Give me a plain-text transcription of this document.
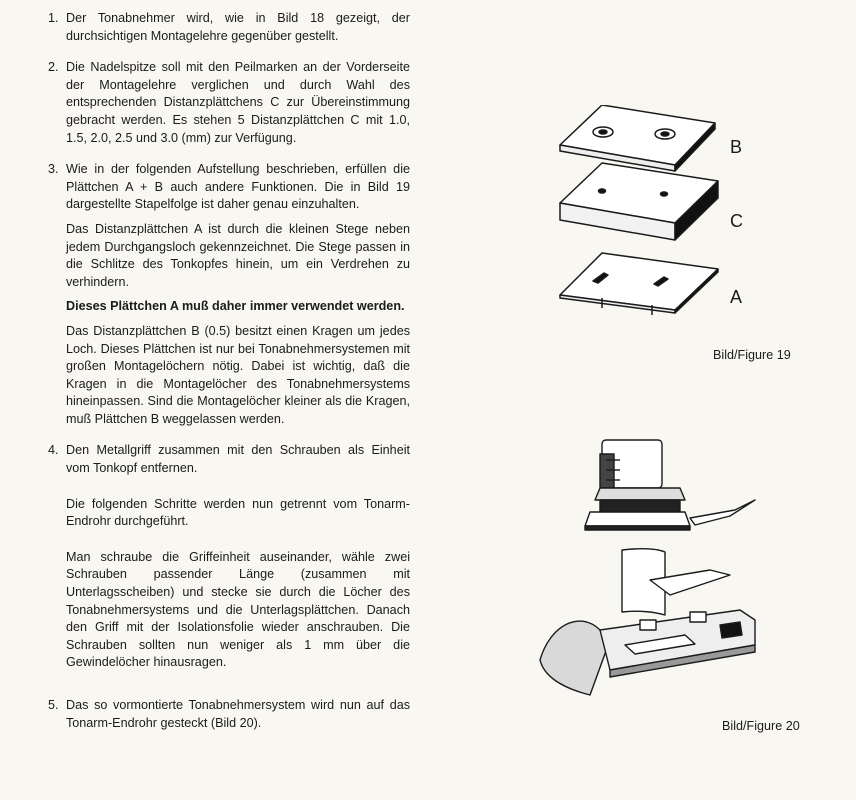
1. Der Tonabnehmer wird, wie in Bild 18 gezeigt, der durchsichtigen Montagelehre gegenüber gestellt.

2. Die Nadelspitze soll mit den Peilmarken an der Vorderseite der Montagelehre verglichen und durch Wahl des entsprechenden Distanzplättchens C zur Übereinstimmung gebracht werden. Es stehen 5 Distanzplättchen C mit 1.0, 1.5, 2.0, 2.5 und 3.0 (mm) zur Verfügung.

3. Wie in der folgenden Aufstellung beschrieben, erfüllen die Plättchen A + B auch andere Funktionen. Die in Bild 19 dargestellte Stapelfolge ist daher genau einzuhalten.

Das Distanzplättchen A ist durch die kleinen Stege neben jedem Durchgangsloch gekennzeichnet. Die Stege passen in die Schlitze des Tonkopfes hinein, um ein Verdrehen zu verhindern.

Dieses Plättchen A muß daher immer verwendet werden.

Das Distanzplättchen B (0.5) besitzt einen Kragen um jedes Loch. Dieses Plättchen ist nur bei Tonabnehmersystemen mit großen Montagelöchern nötig. Dabei ist wichtig, daß die Kragen in die Montagelöcher des Tonabnehmersystems hineinpassen. Sind die Montagelöcher kleiner als die Kragen, muß Plättchen B weggelassen werden.

4. Den Metallgriff zusammen mit den Schrauben als Einheit vom Tonkopf entfernen.

Die folgenden Schritte werden nun getrennt vom Tonarm-Endrohr durchgeführt.

Man schraube die Griffeinheit auseinander, wähle zwei Schrauben passender Länge (zusammen mit Unterlagsscheiben) und stecke sie durch die Löcher des Tonabnehmersystems und die Unterlagsplättchen. Danach den Griff mit der Isolationsfolie wieder anschrauben. Die Schrauben sollten nun weniger als 1 mm über die Gewindelöcher hinausragen.

5. Das so vormontierte Tonabnehmersystem wird nun auf das Tonarm-Endrohr gesteckt (Bild 20).

B
C
A
Bild/Figure 19
Bild/Figure 20
